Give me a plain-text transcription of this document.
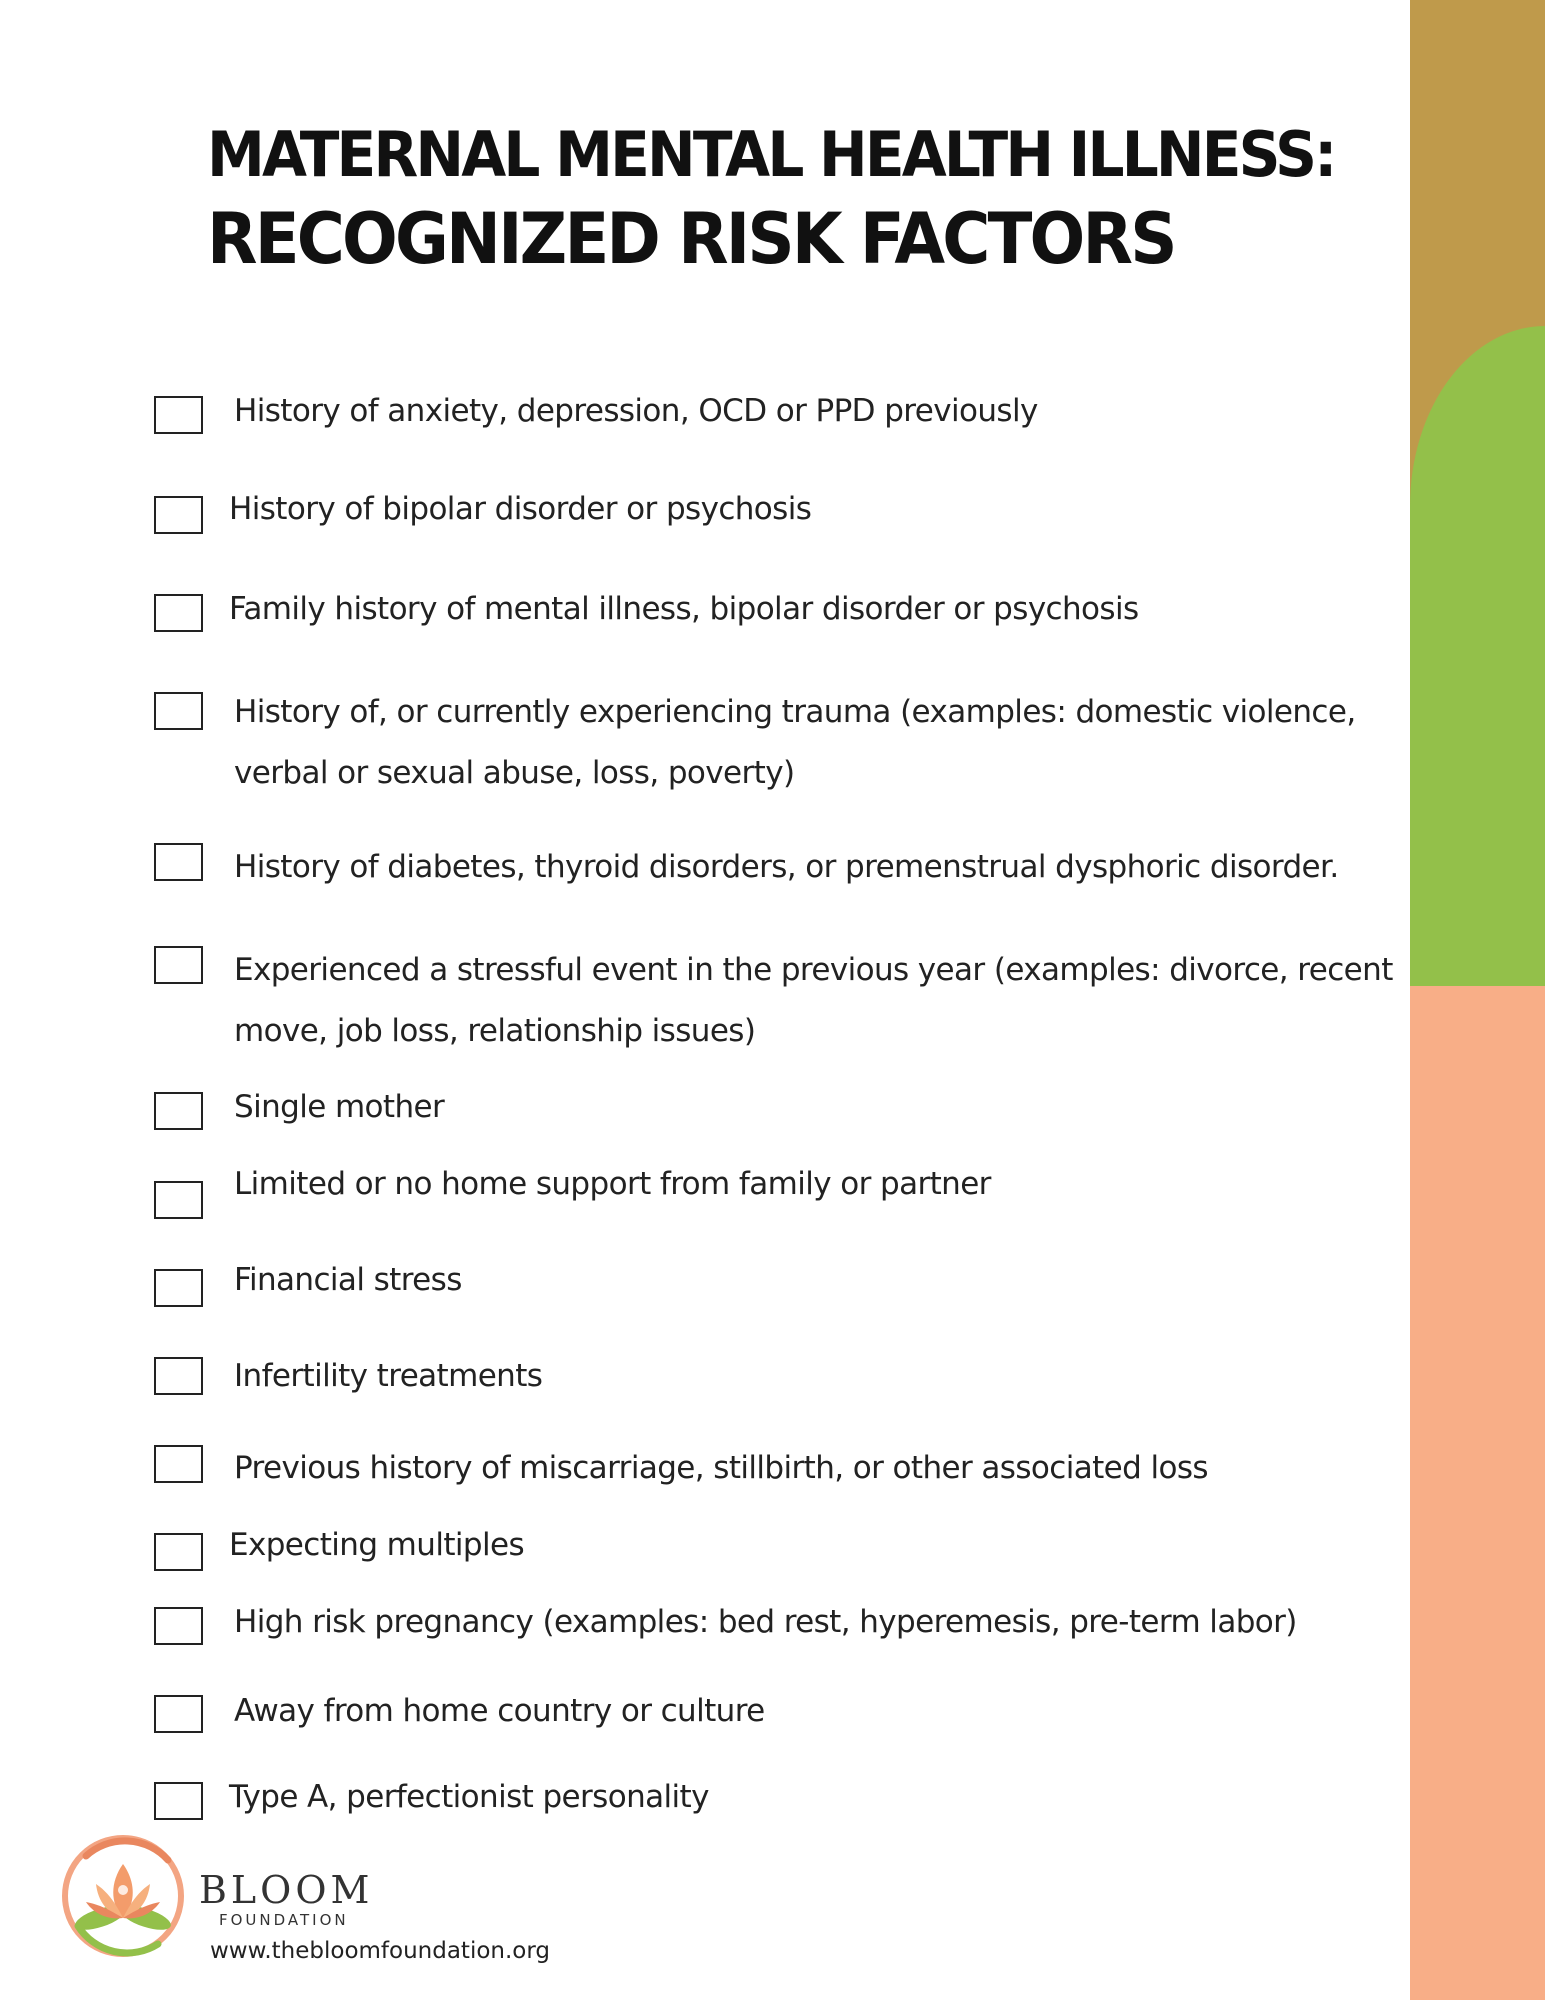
MATERNAL MENTAL HEALTH ILLNESS:
RECOGNIZED RISK FACTORS
History of anxiety, depression, OCD or PPD previously
History of bipolar disorder or psychosis
Family history of mental illness, bipolar disorder or psychosis
History of, or currently experiencing trauma (examples: domestic violence,
verbal or sexual abuse, loss, poverty)
History of diabetes, thyroid disorders, or premenstrual dysphoric disorder.
Experienced a stressful event in the previous year (examples: divorce, recent
move, job loss, relationship issues)
Single mother
Limited or no home support from family or partner
Financial stress
Infertility treatments
Previous history of miscarriage, stillbirth, or other associated loss
Expecting multiples
High risk pregnancy (examples: bed rest, hyperemesis, pre-term labor)
Away from home country or culture
Type A, perfectionist personality

BLOOM

FOUNDATION

www.thebloomfoundation.org
